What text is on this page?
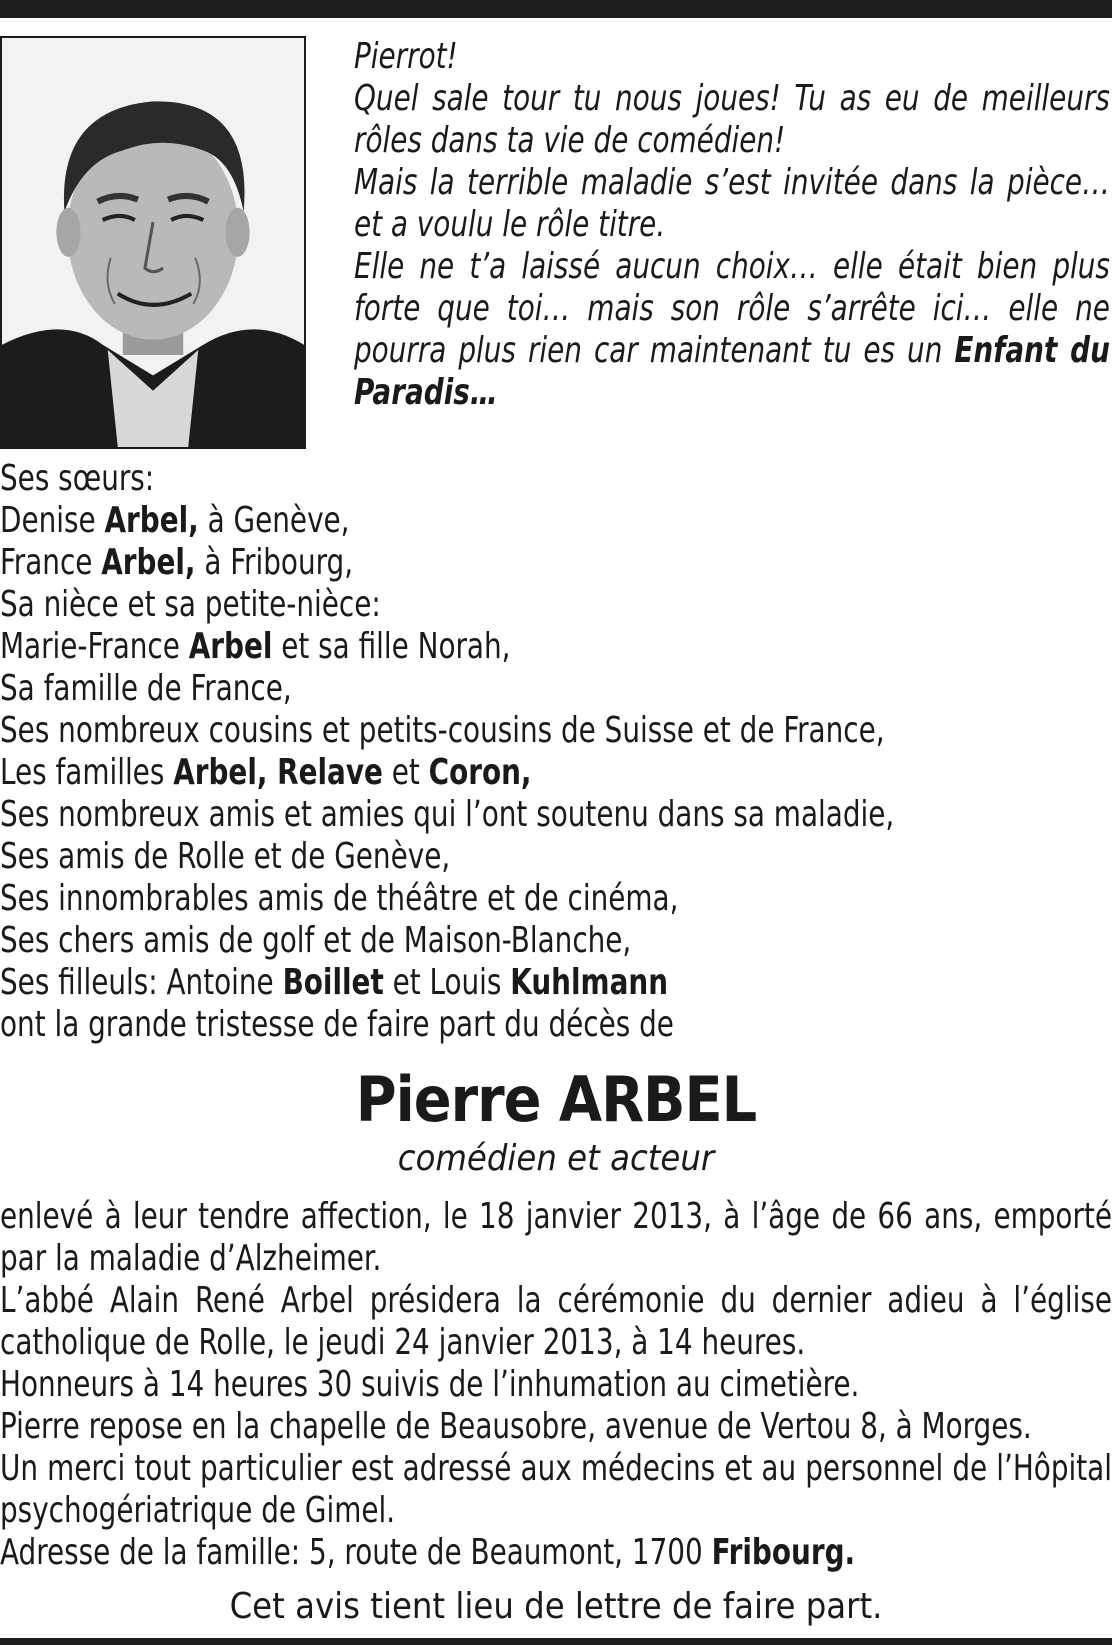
Pierrot!

Quel sale tour tu nous joues! Tu as eu de meilleurs rôles dans ta vie de comédien!

Mais la terrible maladie s’est invitée dans la pièce… et a voulu le rôle titre.

Elle ne t’a laissé aucun choix… elle était bien plus forte que toi… mais son rôle s’arrête ici… elle ne pourra plus rien car maintenant tu es un Enfant du Paradis…

Ses sœurs:

Denise Arbel, à Genève,

France Arbel, à Fribourg,

Sa nièce et sa petite-nièce:

Marie-France Arbel et sa fille Norah,

Sa famille de France,

Ses nombreux cousins et petits-cousins de Suisse et de France,

Les familles Arbel, Relave et Coron,

Ses nombreux amis et amies qui l’ont soutenu dans sa maladie,

Ses amis de Rolle et de Genève,

Ses innombrables amis de théâtre et de cinéma,

Ses chers amis de golf et de Maison-Blanche,

Ses filleuls: Antoine Boillet et Louis Kuhlmann

ont la grande tristesse de faire part du décès de

Pierre ARBEL
comédien et acteur

enlevé à leur tendre affection, le 18 janvier 2013, à l’âge de 66 ans, emporté par la maladie d’Alzheimer.

L’abbé Alain René Arbel présidera la cérémonie du dernier adieu à l’église catholique de Rolle, le jeudi 24 janvier 2013, à 14 heures.

Honneurs à 14 heures 30 suivis de l’inhumation au cimetière.

Pierre repose en la chapelle de Beausobre, avenue de Vertou 8, à Morges.

Un merci tout particulier est adressé aux médecins et au personnel de l’Hôpital psychogériatrique de Gimel.

Adresse de la famille: 5, route de Beaumont, 1700 Fribourg.

Cet avis tient lieu de lettre de faire part.
